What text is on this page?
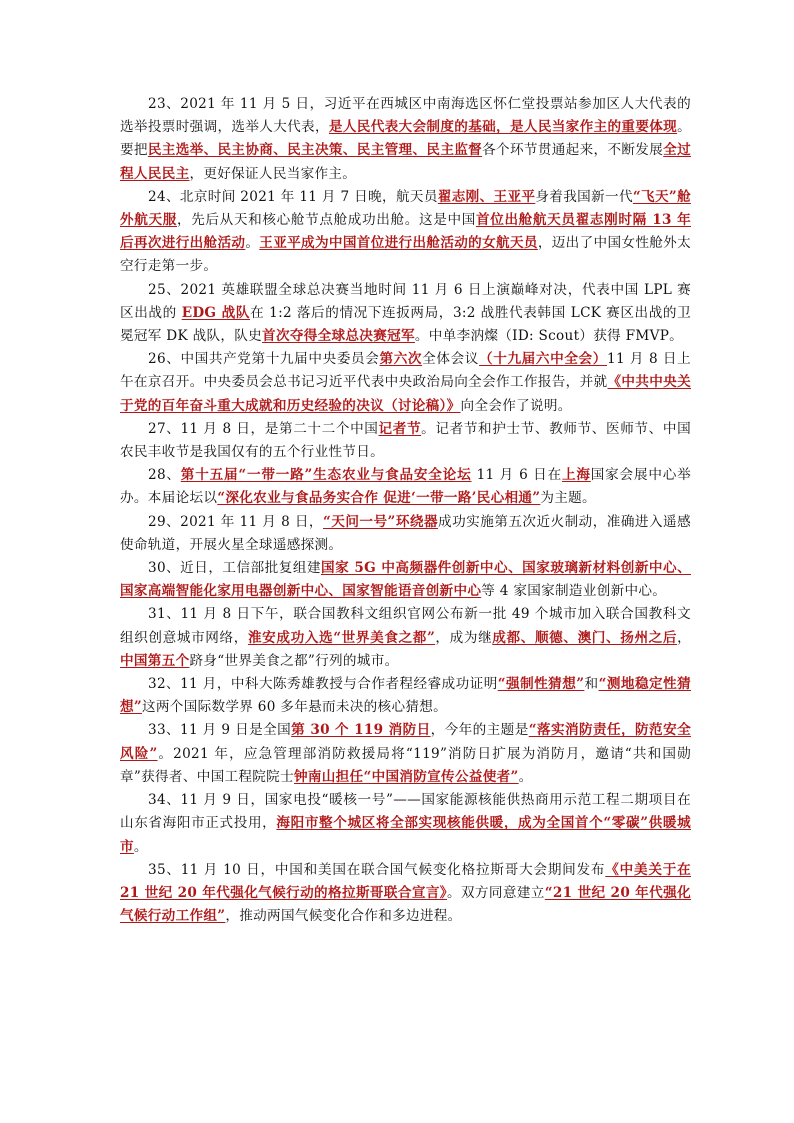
23、2021 年 11 月 5 日，习近平在西城区中南海选区怀仁堂投票站参加区人大代表的选举投票时强调，选举人大代表，是人民代表大会制度的基础，是人民当家作主的重要体现。要把民主选举、民主协商、民主决策、民主管理、民主监督各个环节贯通起来，不断发展全过程人民民主，更好保证人民当家作主。

24、北京时间 2021 年 11 月 7 日晚，航天员翟志刚、王亚平身着我国新一代“飞天”舱外航天服，先后从天和核心舱节点舱成功出舱。这是中国首位出舱航天员翟志刚时隔 13 年后再次进行出舱活动。王亚平成为中国首位进行出舱活动的女航天员，迈出了中国女性舱外太空行走第一步。

25、2021 英雄联盟全球总决赛当地时间 11 月 6 日上演巅峰对决，代表中国 LPL 赛区出战的 EDG 战队在 1:2 落后的情况下连扳两局，3:2 战胜代表韩国 LCK 赛区出战的卫冕冠军 DK 战队，队史首次夺得全球总决赛冠军。中单李汭燦（ID: Scout）获得 FMVP。

26、中国共产党第十九届中央委员会第六次全体会议（十九届六中全会）11 月 8 日上午在京召开。中央委员会总书记习近平代表中央政治局向全会作工作报告，并就《中共中央关于党的百年奋斗重大成就和历史经验的决议（讨论稿）》向全会作了说明。

27、11 月 8 日，是第二十二个中国记者节。记者节和护士节、教师节、医师节、中国农民丰收节是我国仅有的五个行业性节日。

28、第十五届“一带一路”生态农业与食品安全论坛 11 月 6 日在上海国家会展中心举办。本届论坛以“深化农业与食品务实合作 促进‘一带一路’民心相通”为主题。

29、2021 年 11 月 8 日，“天问一号”环绕器成功实施第五次近火制动，准确进入遥感使命轨道，开展火星全球遥感探测。

30、近日，工信部批复组建国家 5G 中高频器件创新中心、国家玻璃新材料创新中心、国家高端智能化家用电器创新中心、国家智能语音创新中心等 4 家国家制造业创新中心。

31、11 月 8 日下午，联合国教科文组织官网公布新一批 49 个城市加入联合国教科文组织创意城市网络，淮安成功入选“世界美食之都”，成为继成都、顺德、澳门、扬州之后，中国第五个跻身“世界美食之都”行列的城市。

32、11 月，中科大陈秀雄教授与合作者程经睿成功证明“强制性猜想”和“测地稳定性猜想”这两个国际数学界 60 多年悬而未决的核心猜想。

33、11 月 9 日是全国第 30 个 119 消防日，今年的主题是“落实消防责任，防范安全风险”。2021 年，应急管理部消防救援局将“119”消防日扩展为消防月，邀请“共和国勋章”获得者、中国工程院院士钟南山担任“中国消防宣传公益使者”。

34、11 月 9 日，国家电投“暖核一号”——国家能源核能供热商用示范工程二期项目在山东省海阳市正式投用，海阳市整个城区将全部实现核能供暖，成为全国首个“零碳”供暖城市。

35、11 月 10 日，中国和美国在联合国气候变化格拉斯哥大会期间发布《中美关于在 21 世纪 20 年代强化气候行动的格拉斯哥联合宣言》。双方同意建立“21 世纪 20 年代强化气候行动工作组”，推动两国气候变化合作和多边进程。
